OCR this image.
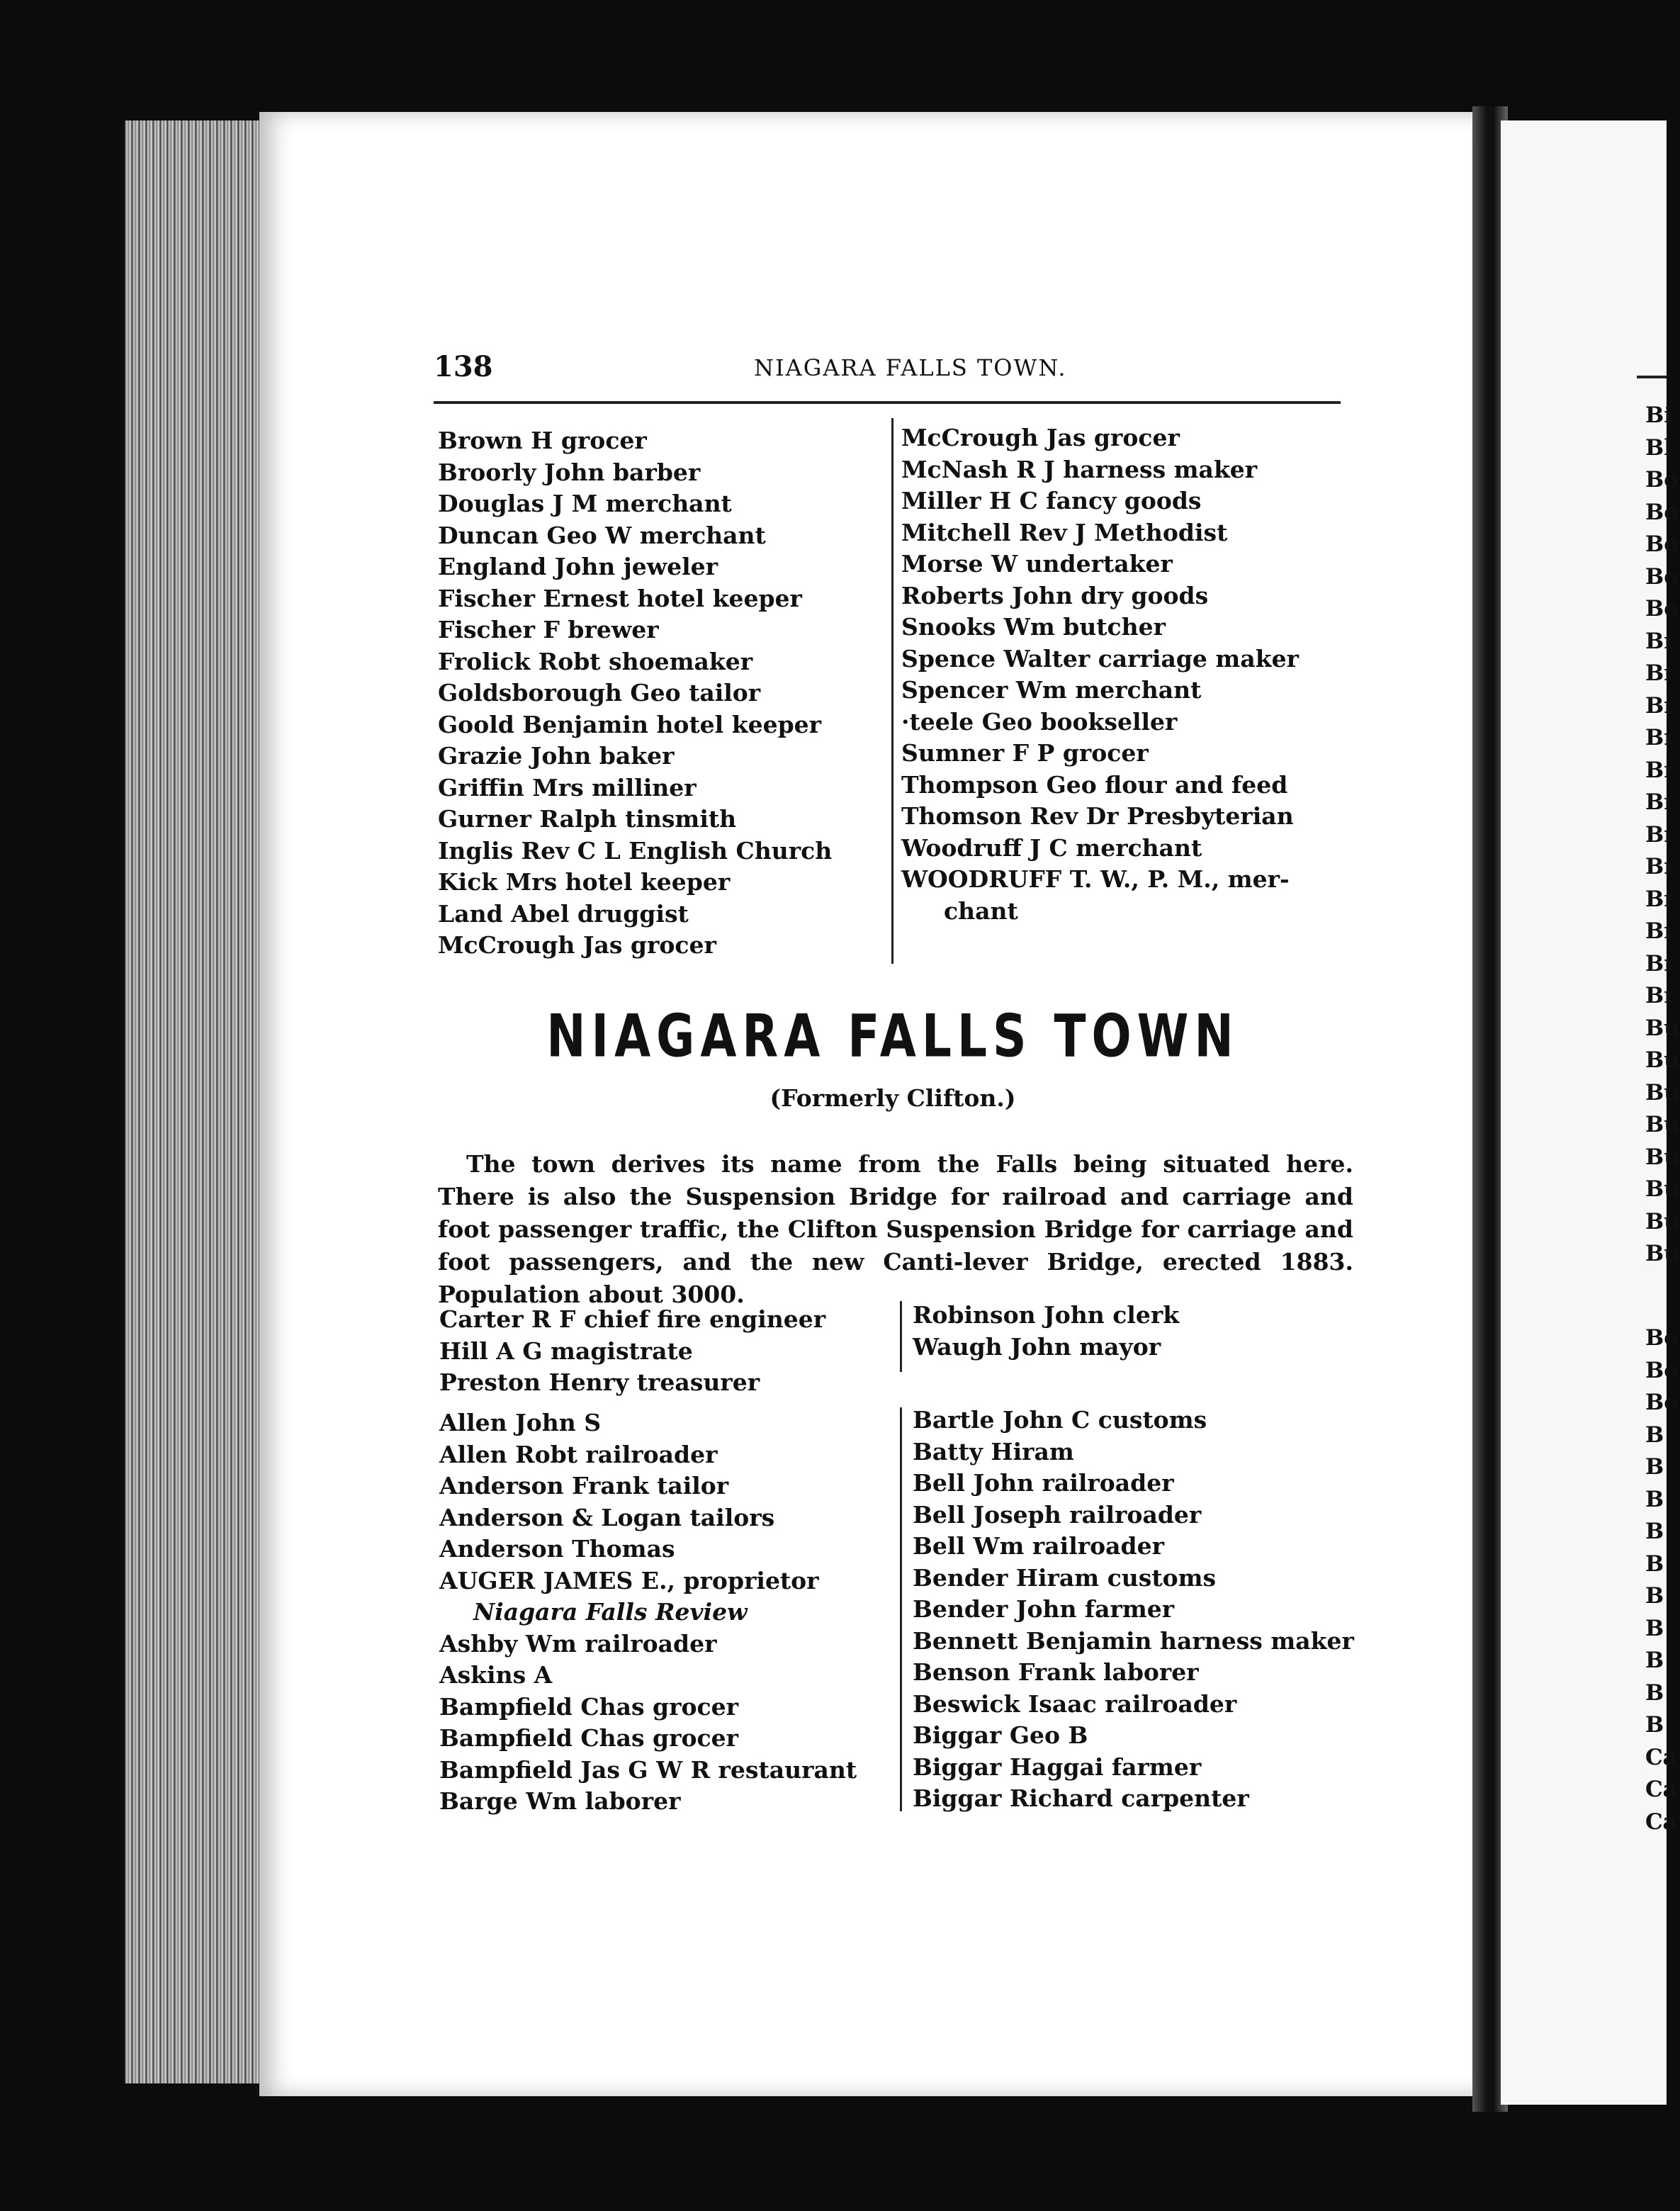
138	NIAGARA FALLS TOWN.
Brown H grocer
Broorly John barber
Douglas J M merchant
Duncan Geo W merchant
England John jeweler
Fischer Ernest hotel keeper
Fischer F brewer
Frolick Robt shoemaker
Goldsborough Geo tailor
Goold Benjamin hotel keeper
Grazie John baker
Griffin Mrs milliner
Gurner Ralph tinsmith
Inglis Rev C L English Church
Kick Mrs hotel keeper
Land Abel druggist
McCrough Jas grocer
McCrough Jas grocer
McNash R J harness maker
Miller H C fancy goods
Mitchell Rev J Methodist
Morse W undertaker
Roberts John dry goods
Snooks Wm butcher
Spence Walter carriage maker
Spencer Wm merchant
·teele Geo bookseller
Sumner F P grocer
Thompson Geo flour and feed
Thomson Rev Dr Presbyterian
Woodruff J C merchant
WOODRUFF T. W., P. M., mer-
chant
NIAGARA FALLS TOWN
(Formerly Clifton.)

The town derives its name from the Falls being situated here. There is also the Suspension Bridge for railroad and carriage and foot passenger traffic, the Clifton Suspension Bridge for carriage and foot passengers, and the new Canti-lever Bridge, erected 1883. Population about 3000.

Carter R F chief fire engineer
Hill A G magistrate
Preston Henry treasurer
Robinson John clerk
Waugh John mayor
Allen John S
Allen Robt railroader
Anderson Frank tailor
Anderson & Logan tailors
Anderson Thomas
AUGER JAMES E., proprietor
Niagara Falls Review
Ashby Wm railroader
Askins A
Bampfield Chas grocer
Bampfield Chas grocer
Bampfield Jas G W R restaurant
Barge Wm laborer
Bartle John C customs
Batty Hiram
Bell John railroader
Bell Joseph railroader
Bell Wm railroader
Bender Hiram customs
Bender John farmer
Bennett Benjamin harness maker
Benson Frank laborer
Beswick Isaac railroader
Biggar Geo B
Biggar Haggai farmer
Biggar Richard carpenter
Bi
Bl
Bo
Bo
Bo
Bo
Bo
Br
Br
Br
Br
Br
Br
Br
Br
Br
Br
Br
Br
Bu
Bu
Bu
Bu
Bu
Bu
Bu
Bu
Bo
Bo
Bo
B
B
B
B
B
B
B
B
B
B
Ca
Ca
Ca
